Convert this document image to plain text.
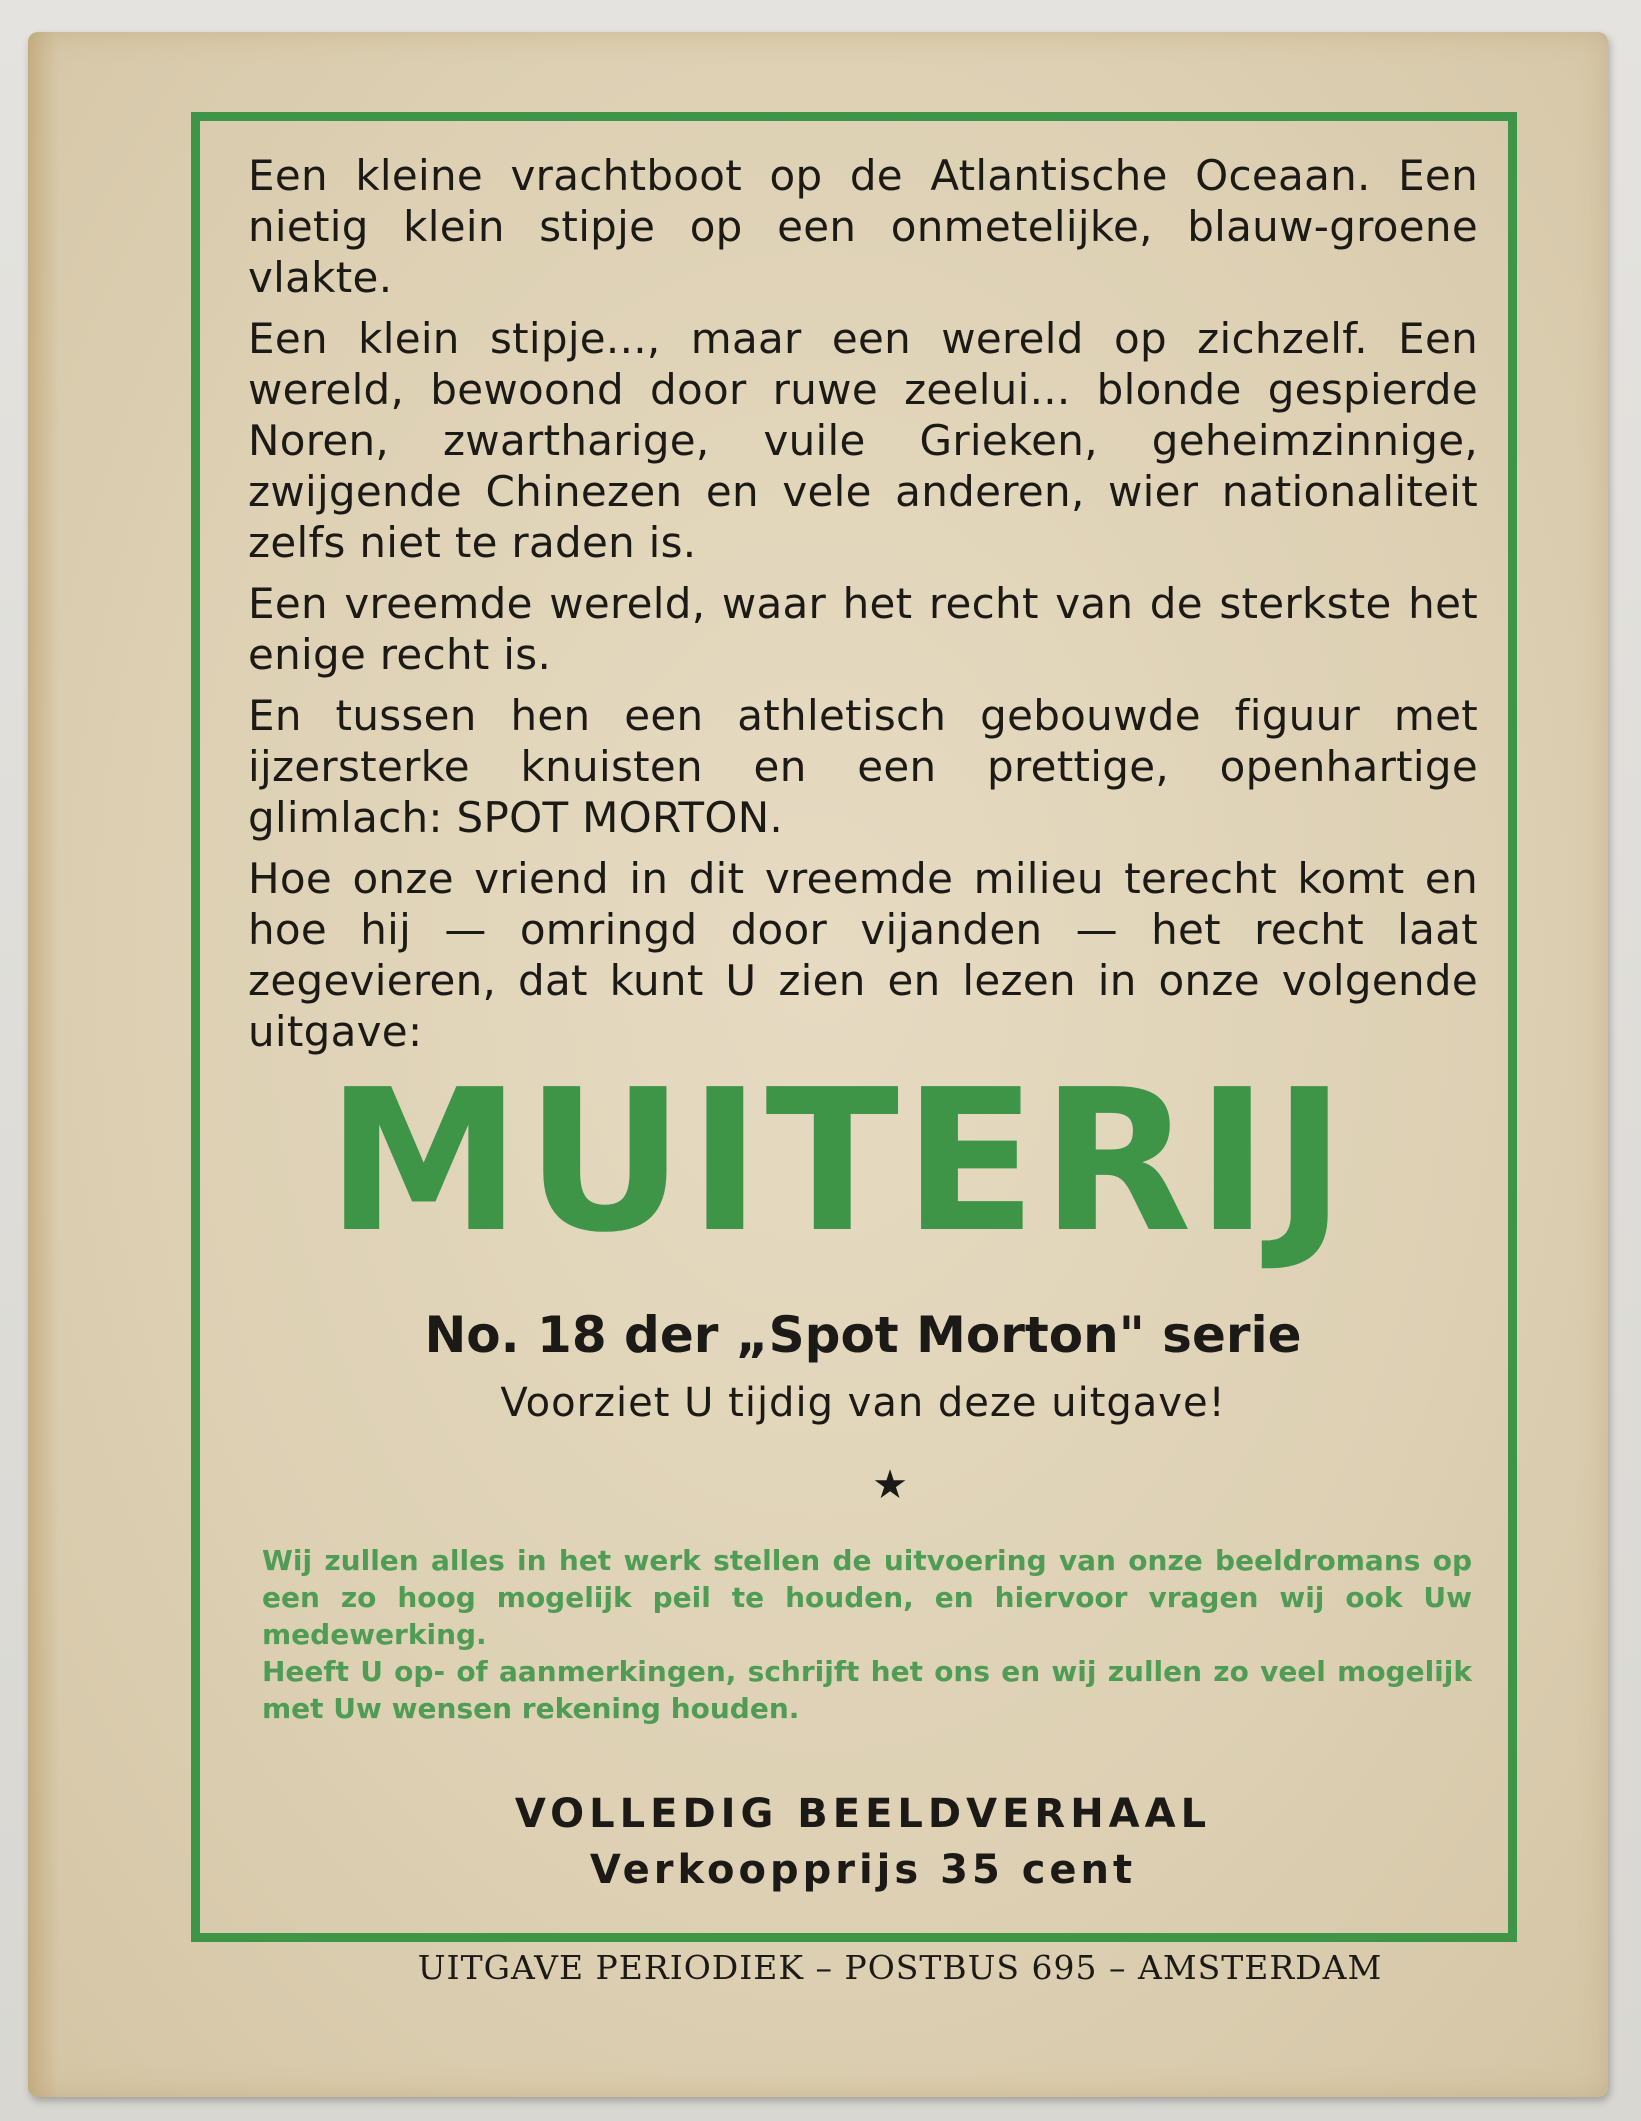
Een kleine vrachtboot op de Atlantische Oceaan. Een nietig klein stipje op een onmetelijke, blauw-groene vlakte.

Een klein stipje..., maar een wereld op zichzelf. Een wereld, bewoond door ruwe zeelui... blonde gespierde Noren, zwartharige, vuile Grieken, geheimzinnige, zwijgende Chinezen en vele anderen, wier nationaliteit zelfs niet te raden is.

Een vreemde wereld, waar het recht van de sterkste het enige recht is.

En tussen hen een athletisch gebouwde figuur met ijzersterke knuisten en een prettige, openhartige glimlach: SPOT MORTON.

Hoe onze vriend in dit vreemde milieu terecht komt en hoe hij — omringd door vijanden — het recht laat zegevieren, dat kunt U zien en lezen in onze volgende uitgave:

MUITERIJ
No. 18 der „Spot Morton" serie
Voorziet U tijdig van deze uitgave!
★

Wij zullen alles in het werk stellen de uitvoering van onze beeldromans op een zo hoog mogelijk peil te houden, en hiervoor vragen wij ook Uw medewerking.

Heeft U op- of aanmerkingen, schrijft het ons en wij zullen zo veel mogelijk met Uw wensen rekening houden.

VOLLEDIG BEELDVERHAAL
Verkoopprijs 35 cent
UITGAVE PERIODIEK – POSTBUS 695 – AMSTERDAM
